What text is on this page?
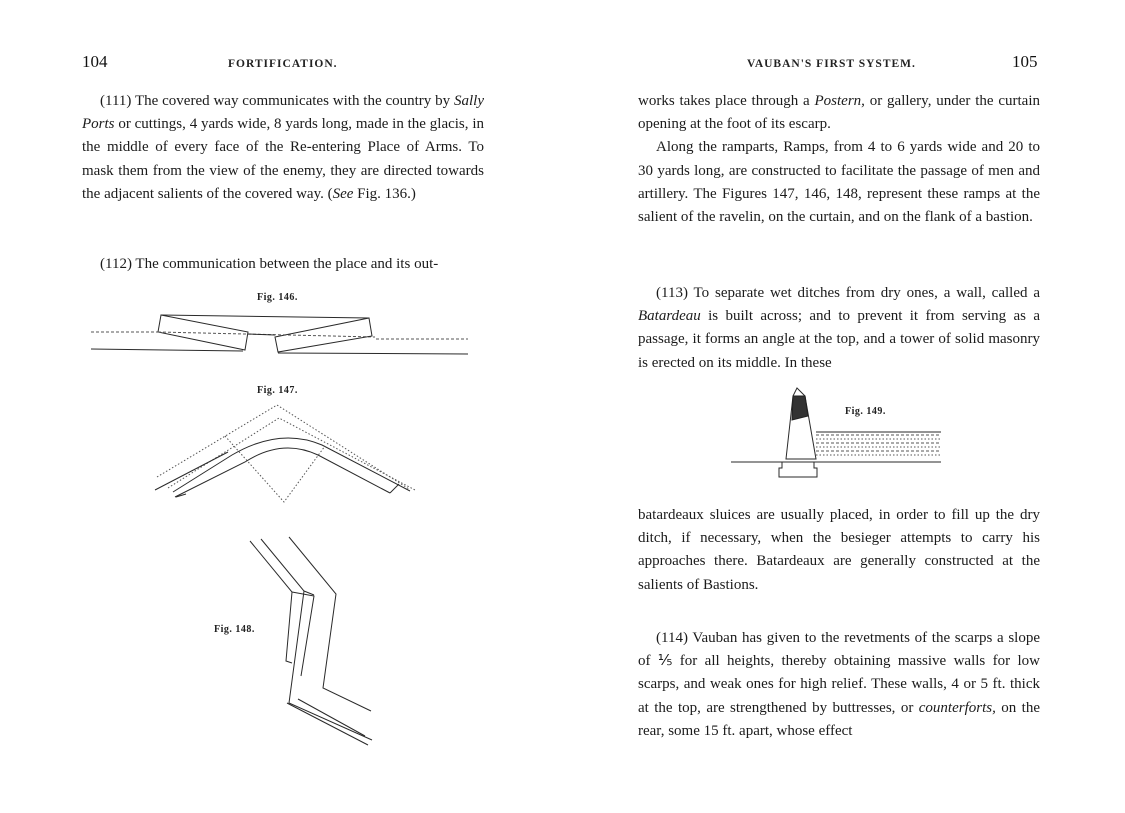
104	FORTIFICATION.

(111) The covered way communicates with the country by Sally Ports or cuttings, 4 yards wide, 8 yards long, made in the glacis, in the middle of every face of the Re-entering Place of Arms. To mask them from the view of the enemy, they are directed towards the adjacent salients of the covered way. (See Fig. 136.)

(112) The communication between the place and its out-

Fig. 146.
Fig. 147.
Fig. 148.
VAUBAN'S FIRST SYSTEM.	105

works takes place through a Postern, or gallery, under the curtain opening at the foot of its escarp.

Along the ramparts, Ramps, from 4 to 6 yards wide and 20 to 30 yards long, are constructed to facilitate the passage of men and artillery. The Figures 147, 146, 148, represent these ramps at the salient of the ravelin, on the curtain, and on the flank of a bastion.

(113) To separate wet ditches from dry ones, a wall, called a Batardeau is built across; and to prevent it from serving as a passage, it forms an angle at the top, and a tower of solid masonry is erected on its middle. In these

Fig. 149.

batardeaux sluices are usually placed, in order to fill up the dry ditch, if necessary, when the besieger attempts to carry his approaches there. Batardeaux are generally constructed at the salients of Bastions.

(114) Vauban has given to the revetments of the scarps a slope of ⅕ for all heights, thereby obtaining massive walls for low scarps, and weak ones for high relief. These walls, 4 or 5 ft. thick at the top, are strengthened by buttresses, or counterforts, on the rear, some 15 ft. apart, whose effect
